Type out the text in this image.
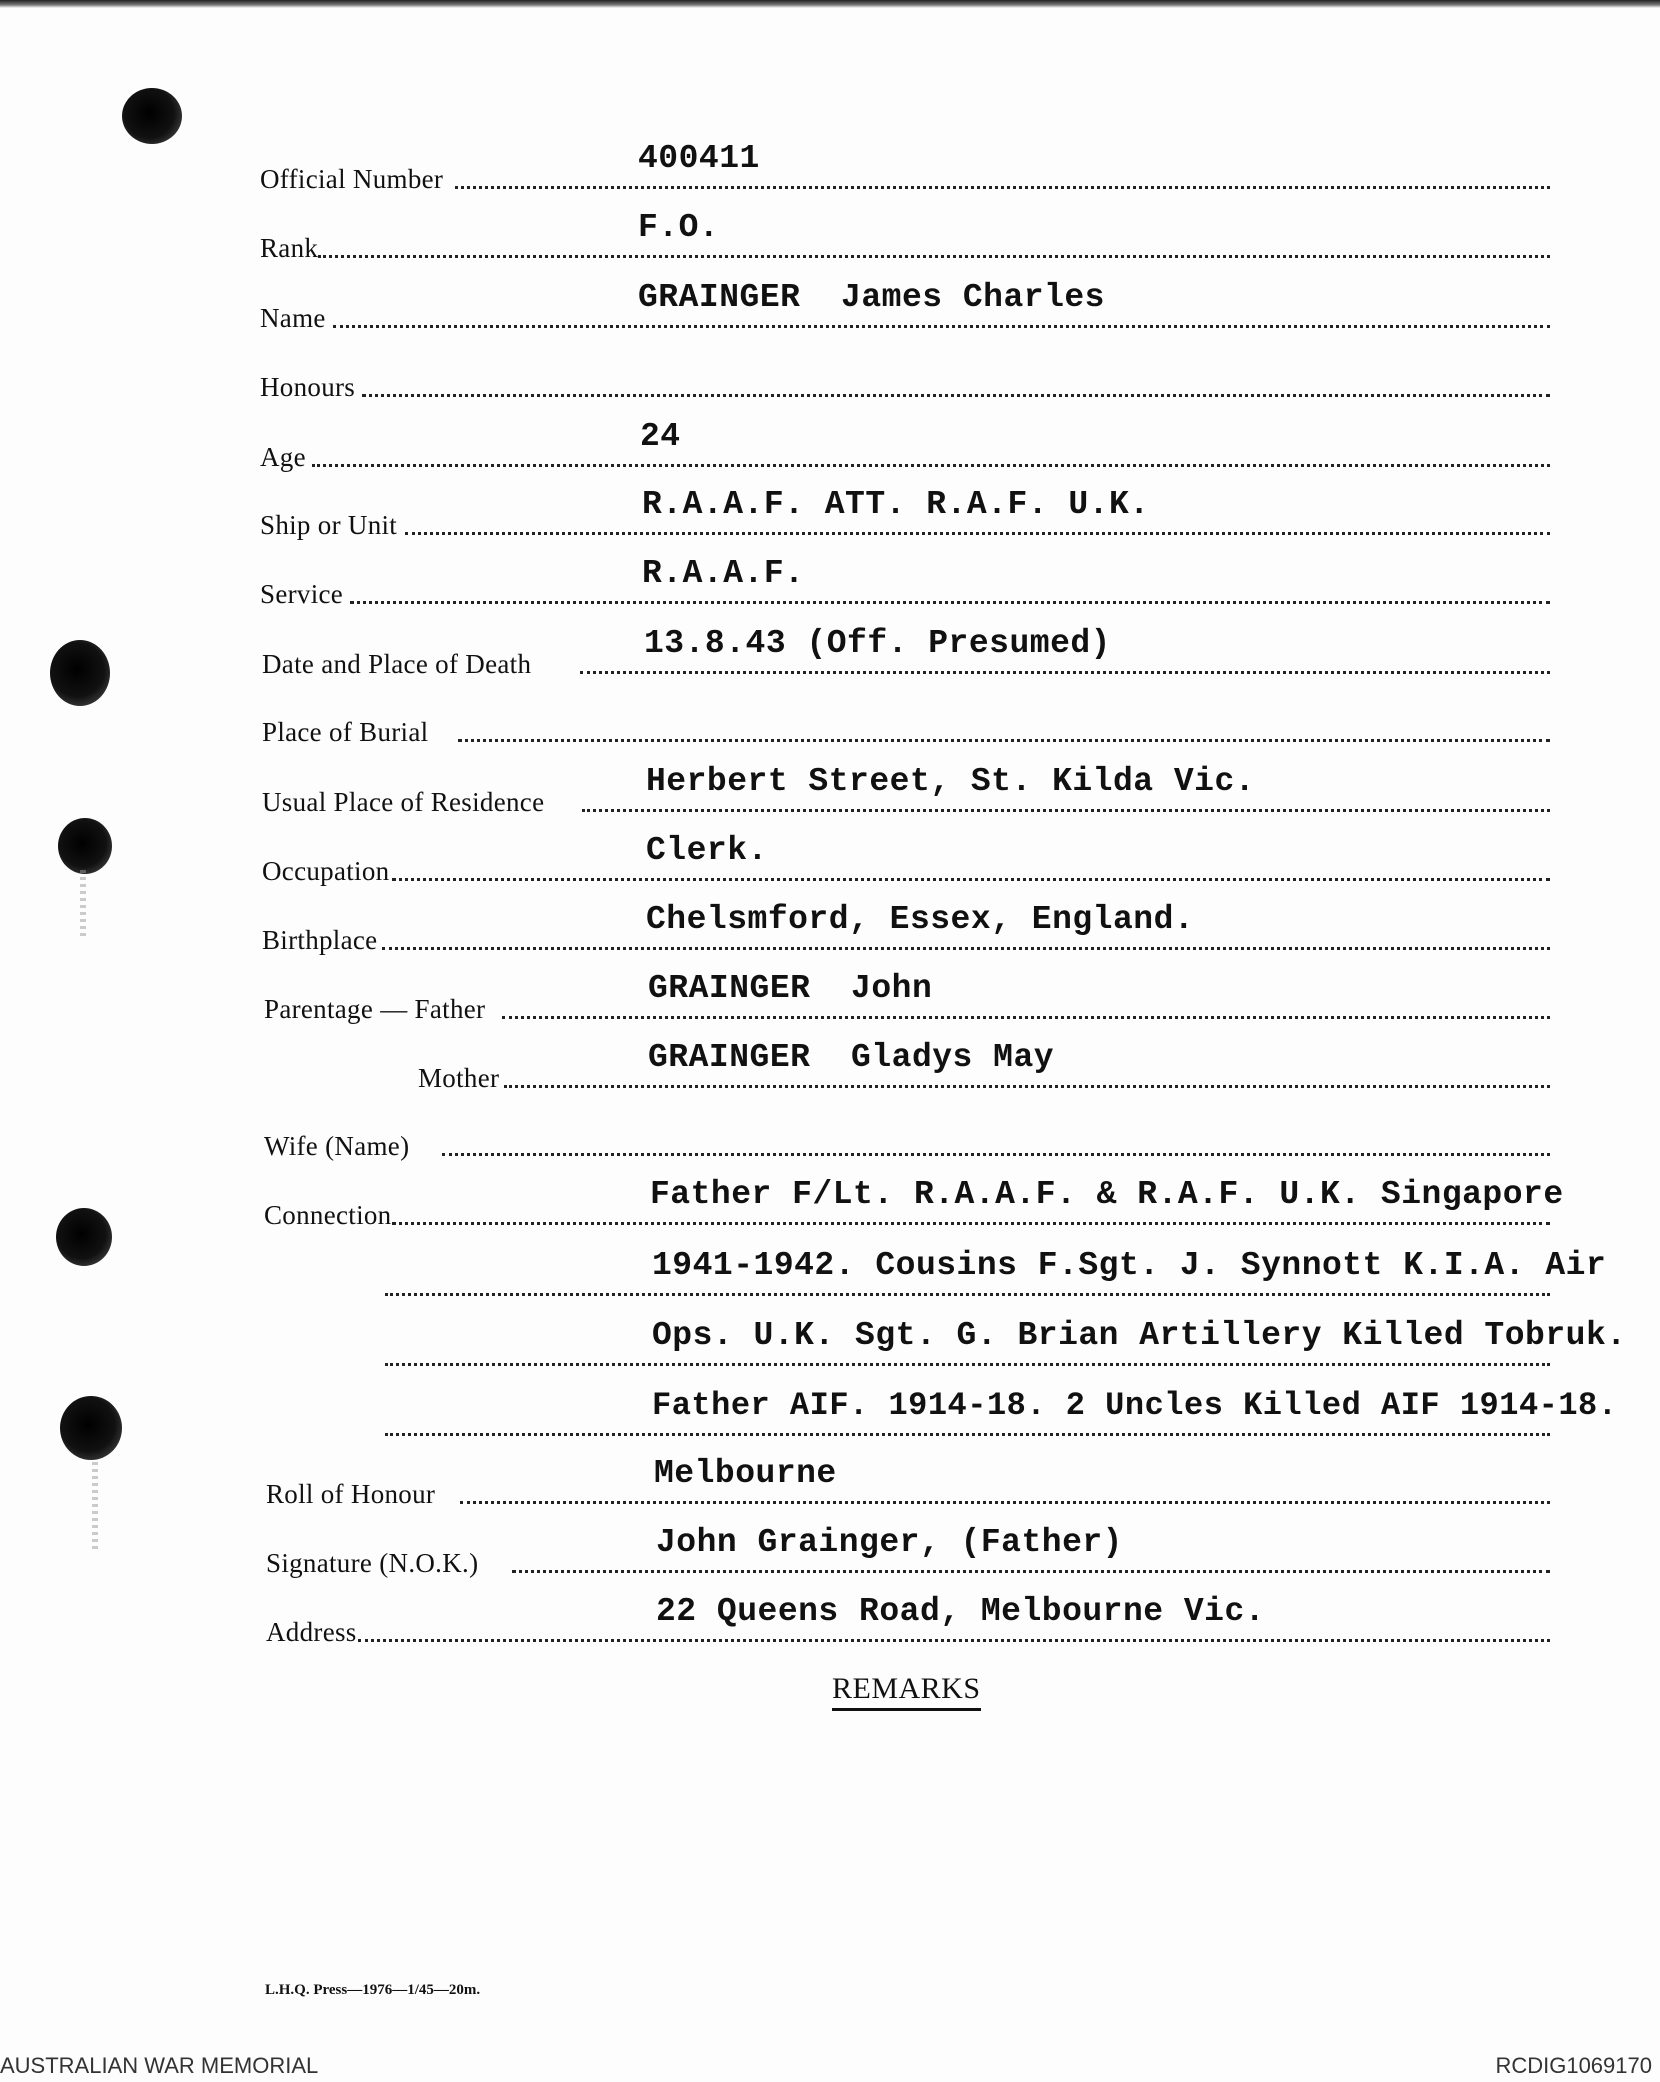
Official Number
400411
Rank
F.O.
Name
GRAINGER  James Charles
Honours
Age
24
Ship or Unit
R.A.A.F. ATT. R.A.F. U.K.
Service
R.A.A.F.
Date and Place of Death
13.8.43 (Off. Presumed)
Place of Burial
Usual Place of Residence
Herbert Street, St. Kilda Vic.
Occupation
Clerk.
Birthplace
Chelsmford, Essex, England.
Parentage — Father
GRAINGER  John
Mother
GRAINGER  Gladys May
Wife (Name)
Connection
Father F/Lt. R.A.A.F. & R.A.F. U.K. Singapore
1941-1942. Cousins F.Sgt. J. Synnott K.I.A. Air
Ops. U.K. Sgt. G. Brian Artillery Killed Tobruk.
Father AIF. 1914-18. 2 Uncles Killed AIF 1914-18.
Roll of Honour
Melbourne
Signature (N.O.K.)
John Grainger, (Father)
Address
22 Queens Road, Melbourne Vic.
REMARKS
L.H.Q. Press—1976—1/45—20m.
AUSTRALIAN WAR MEMORIAL	RCDIG1069170
